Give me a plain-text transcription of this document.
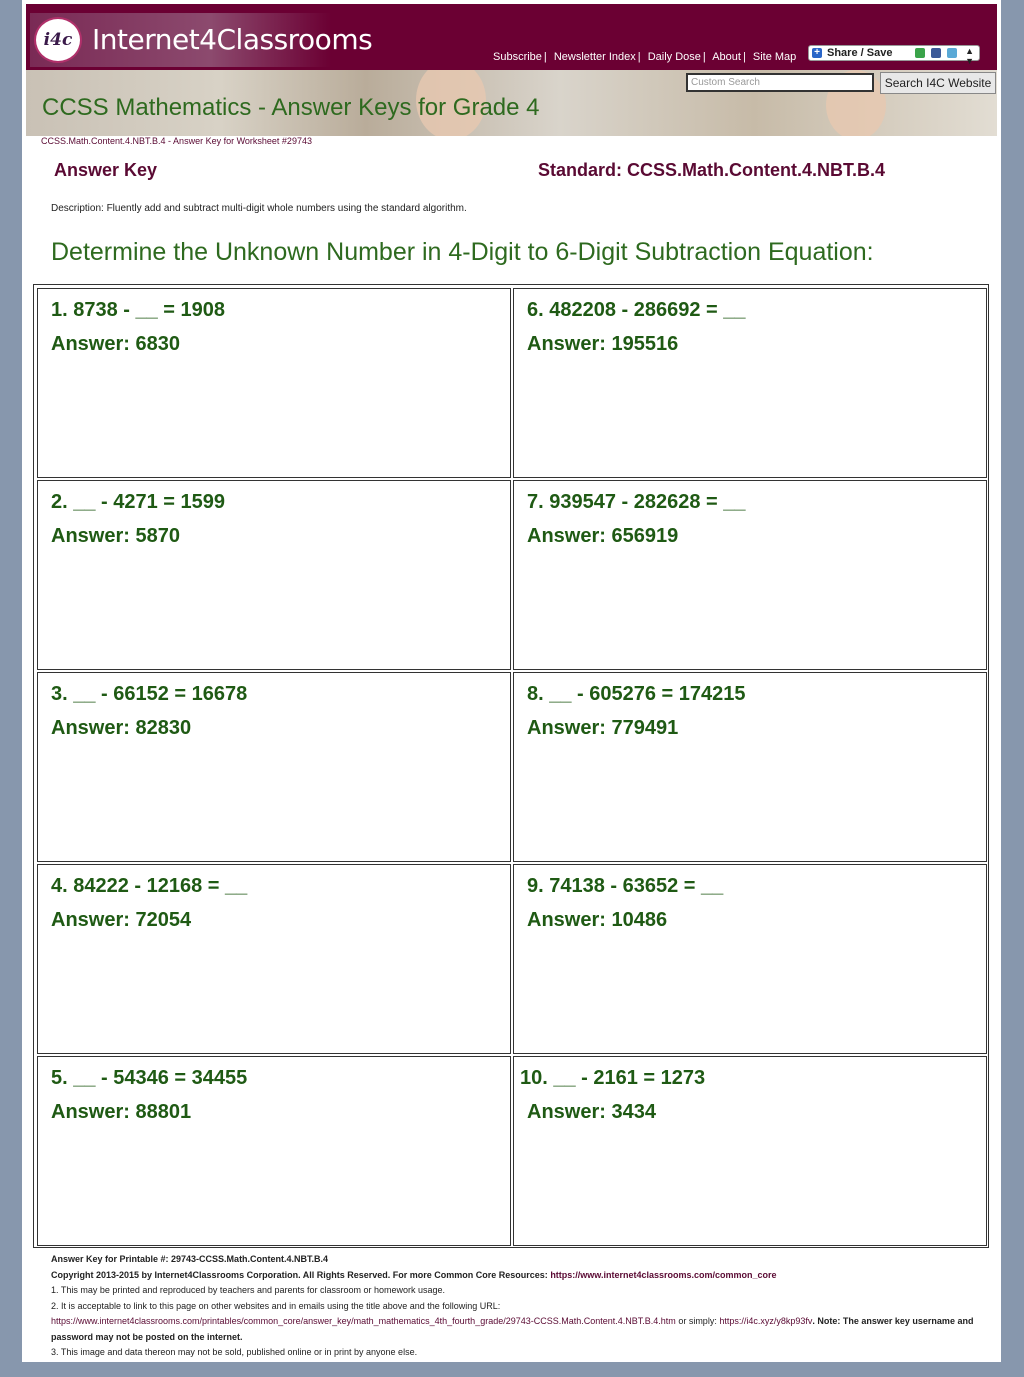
i4c Internet4Classrooms
Subscribe | Newsletter Index | Daily Dose | About | Site Map + Share / Save	▲
▼
CCSS Mathematics - Answer Keys for Grade 4
Custom Search	Search I4C Website
CCSS.Math.Content.4.NBT.B.4 - Answer Key for Worksheet #29743
Answer Key	Standard: CCSS.Math.Content.4.NBT.B.4
Description: Fluently add and subtract multi-digit whole numbers using the standard algorithm.
Determine the Unknown Number in 4-Digit to 6-Digit Subtraction Equation:
1. 8738 - __ = 1908
Answer: 6830
2. __ - 4271 = 1599
Answer: 5870
3. __ - 66152 = 16678
Answer: 82830
4. 84222 - 12168 = __
Answer: 72054
5. __ - 54346 = 34455
Answer: 88801
6. 482208 - 286692 = __
Answer: 195516
7. 939547 - 282628 = __
Answer: 656919
8. __ - 605276 = 174215
Answer: 779491
9. 74138 - 63652 = __
Answer: 10486
10. __ - 2161 = 1273
Answer: 3434
Answer Key for Printable #: 29743-CCSS.Math.Content.4.NBT.B.4
Copyright 2013-2015 by Internet4Classrooms Corporation. All Rights Reserved. For more Common Core Resources: https://www.internet4classrooms.com/common_core
1. This may be printed and reproduced by teachers and parents for classroom or homework usage.
2. It is acceptable to link to this page on other websites and in emails using the title above and the following URL:
https://www.internet4classrooms.com/printables/common_core/answer_key/math_mathematics_4th_fourth_grade/29743-CCSS.Math.Content.4.NBT.B.4.htm or simply: https://i4c.xyz/y8kp93fv. Note: The answer key username and password may not be posted on the internet.
3. This image and data thereon may not be sold, published online or in print by anyone else.
